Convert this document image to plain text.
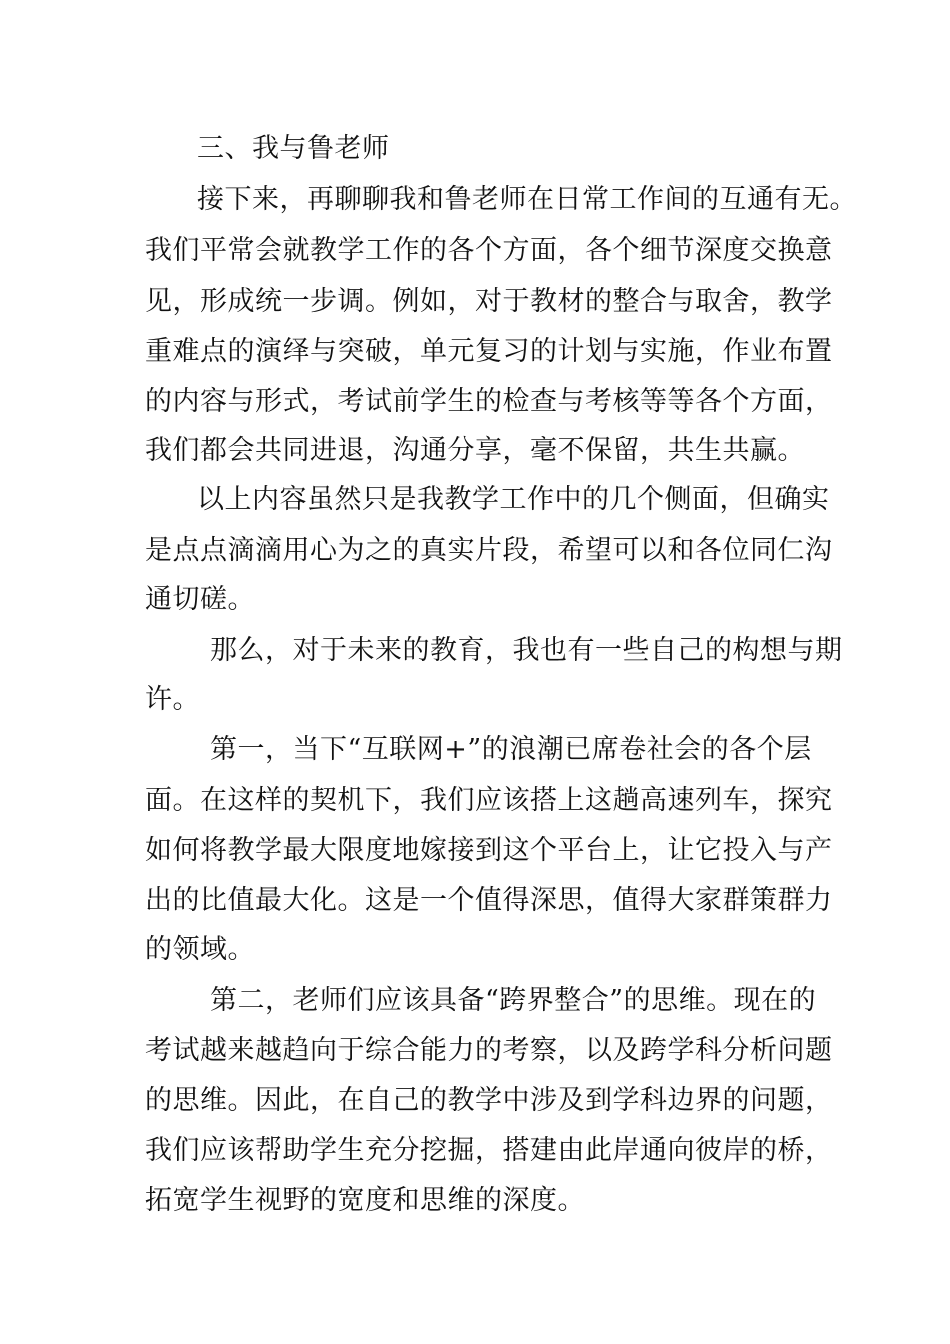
三、我与鲁老师
接下来，再聊聊我和鲁老师在日常工作间的互通有无。
我们平常会就教学工作的各个方面，各个细节深度交换意
见，形成统一步调。例如，对于教材的整合与取舍，教学
重难点的演绎与突破，单元复习的计划与实施，作业布置
的内容与形式，考试前学生的检查与考核等等各个方面，
我们都会共同进退，沟通分享，毫不保留，共生共赢。
以上内容虽然只是我教学工作中的几个侧面，但确实
是点点滴滴用心为之的真实片段，希望可以和各位同仁沟
通切磋。
那么，对于未来的教育，我也有一些自己的构想与期
许。
第一，当下“互联网+”的浪潮已席卷社会的各个层
面。在这样的契机下，我们应该搭上这趟高速列车，探究
如何将教学最大限度地嫁接到这个平台上，让它投入与产
出的比值最大化。这是一个值得深思，值得大家群策群力
的领域。
第二，老师们应该具备“跨界整合”的思维。现在的
考试越来越趋向于综合能力的考察，以及跨学科分析问题
的思维。因此，在自己的教学中涉及到学科边界的问题，
我们应该帮助学生充分挖掘，搭建由此岸通向彼岸的桥，
拓宽学生视野的宽度和思维的深度。
